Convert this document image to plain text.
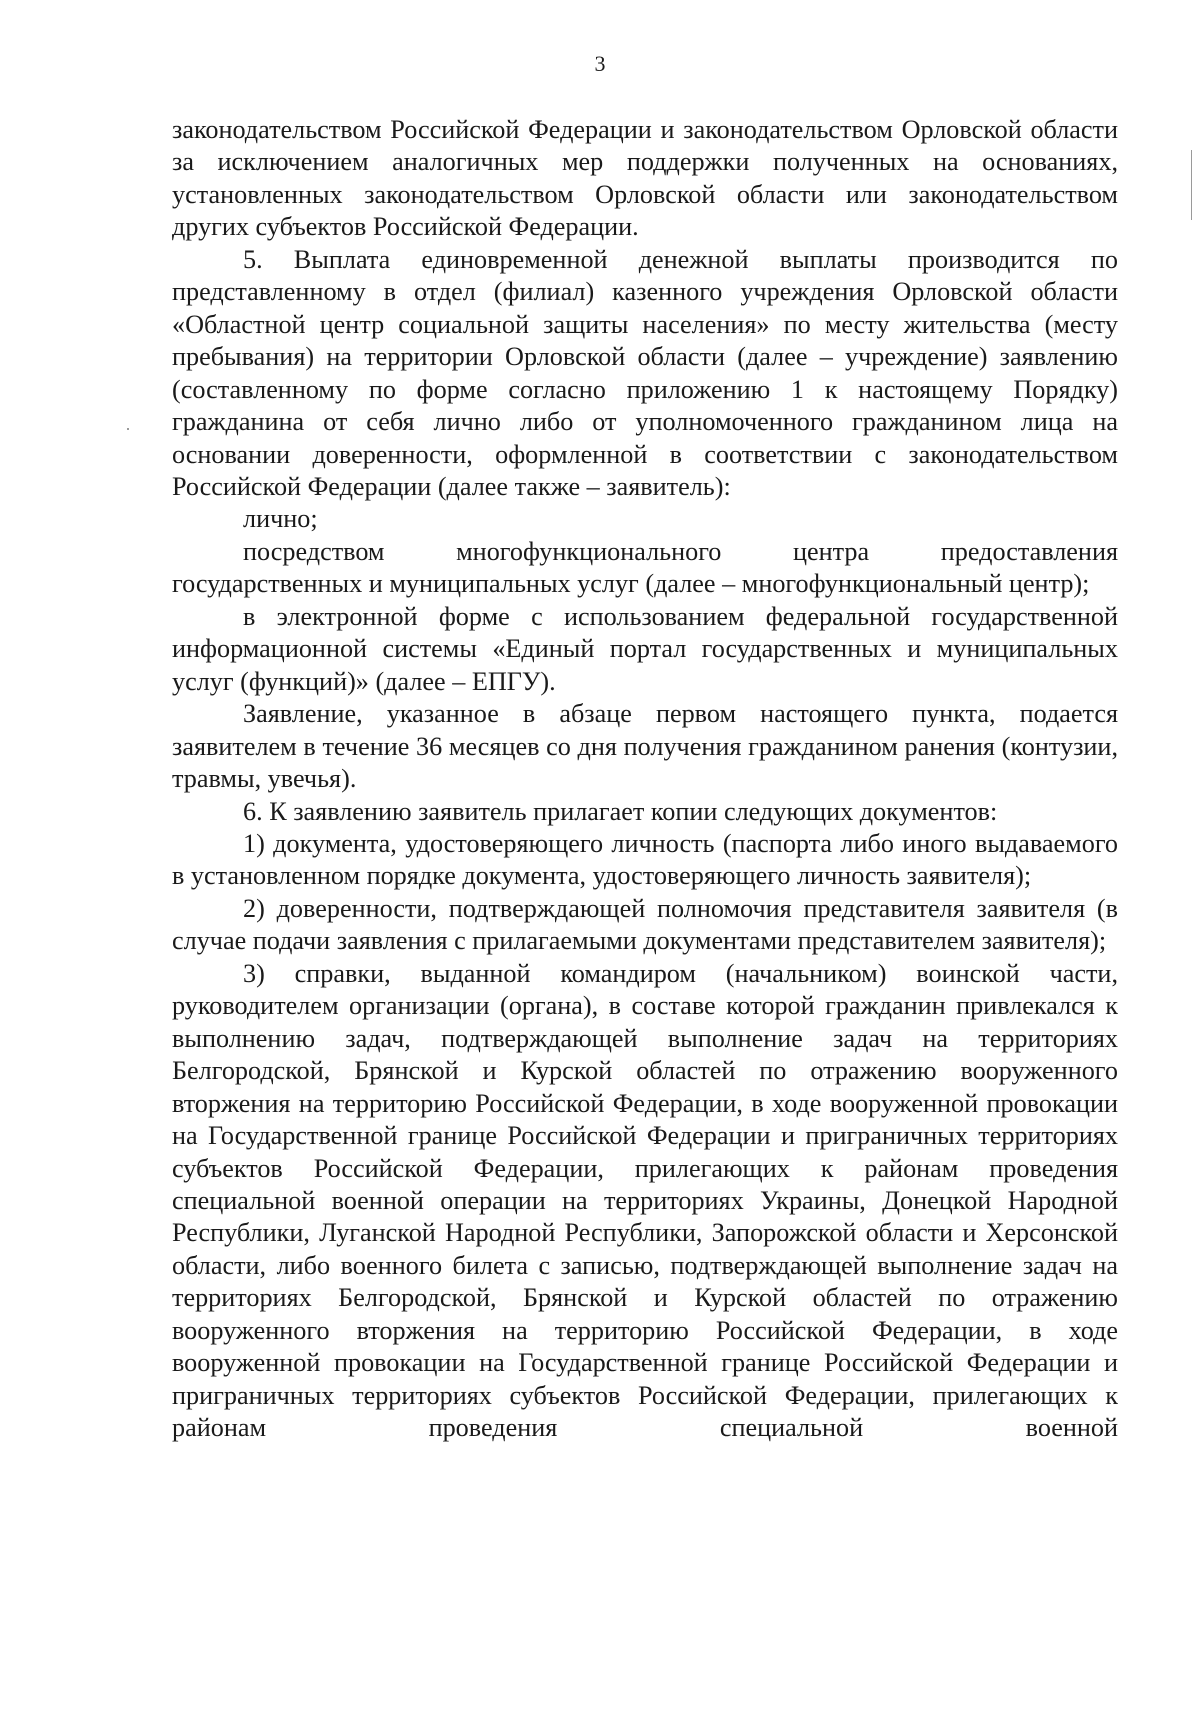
3

законодательством Российской Федерации и законодательством Орловской области за исключением аналогичных мер поддержки полученных на основаниях, установленных законодательством Орловской области или законодательством других субъектов Российской Федерации.

5. Выплата единовременной денежной выплаты производится по представленному в отдел (филиал) казенного учреждения Орловской области «Областной центр социальной защиты населения» по месту жительства (месту пребывания) на территории Орловской области (далее – учреждение) заявлению (составленному по форме согласно приложению 1 к настоящему Порядку) гражданина от себя лично либо от уполномоченного гражданином лица на основании доверенности, оформленной в соответствии с законодательством Российской Федерации (далее также – заявитель):

лично;

посредством многофункционального центра предоставления государственных и муниципальных услуг (далее – многофункциональный центр);

в электронной форме с использованием федеральной государственной информационной системы «Единый портал государственных и муниципальных услуг (функций)» (далее – ЕПГУ).

Заявление, указанное в абзаце первом настоящего пункта, подается заявителем в течение 36 месяцев со дня получения гражданином ранения (контузии, травмы, увечья).

6. К заявлению заявитель прилагает копии следующих документов:

1) документа, удостоверяющего личность (паспорта либо иного выдаваемого в установленном порядке документа, удостоверяющего личность заявителя);

2) доверенности, подтверждающей полномочия представителя заявителя (в случае подачи заявления с прилагаемыми документами представителем заявителя);

3) справки, выданной командиром (начальником) воинской части, руководителем организации (органа), в составе которой гражданин привлекался к выполнению задач, подтверждающей выполнение задач на территориях Белгородской, Брянской и Курской областей по отражению вооруженного вторжения на территорию Российской Федерации, в ходе вооруженной провокации на Государственной границе Российской Федерации и приграничных территориях субъектов Российской Федерации, прилегающих к районам проведения специальной военной операции на территориях Украины, Донецкой Народной Республики, Луганской Народной Республики, Запорожской области и Херсонской области, либо военного билета с записью, подтверждающей выполнение задач на территориях Белгородской, Брянской и Курской областей по отражению вооруженного вторжения на территорию Российской Федерации, в ходе вооруженной провокации на Государственной границе Российской Федерации и приграничных территориях субъектов Российской Федерации, прилегающих к районам проведения специальной военной
